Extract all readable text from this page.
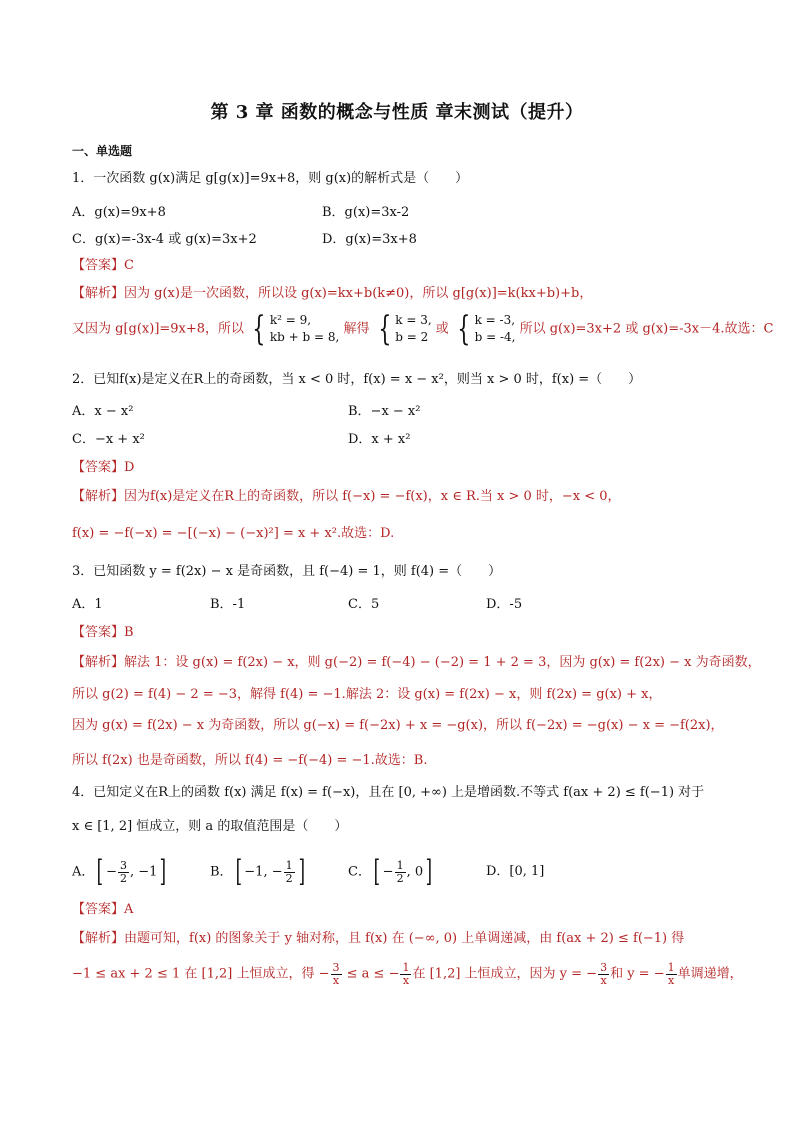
第 3 章 函数的概念与性质 章末测试（提升）
一、单选题
1．一次函数 g(x)满足 g[g(x)]=9x+8，则 g(x)的解析式是（　　）
A．g(x)=9x+8	B．g(x)=3x-2
C．g(x)=-3x-4 或 g(x)=3x+2	D．g(x)=3x+8
【答案】C
【解析】因为 g(x)是一次函数，所以设 g(x)=kx+b(k≠0)，所以 g[g(x)]=k(kx+b)+b，
又因为 g[g(x)]=9x+8，所以 { k² = 9,
kb + b = 8,
解得 { k = 3,
b = 2
或 { k = -3,
b = -4,
所以 g(x)=3x+2 或 g(x)=-3x－4.故选：C
2．已知f(x)是定义在R上的奇函数，当 x < 0 时，f(x) = x − x²，则当 x > 0 时，f(x) =（　　）
A．x − x²	B．−x − x²
C．−x + x²	D．x + x²
【答案】D
【解析】因为f(x)是定义在R上的奇函数，所以 f(−x) = −f(x)，x ∈ R.当 x > 0 时，−x < 0，
f(x) = −f(−x) = −[(−x) − (−x)²] = x + x².故选：D.
3．已知函数 y = f(2x) − x 是奇函数，且 f(−4) = 1，则 f(4) =（　　）
A．1	B．-1	C．5	D．-5
【答案】B
【解析】解法 1：设 g(x) = f(2x) − x，则 g(−2) = f(−4) − (−2) = 1 + 2 = 3，因为 g(x) = f(2x) − x 为奇函数，
所以 g(2) = f(4) − 2 = −3，解得 f(4) = −1.解法 2：设 g(x) = f(2x) − x，则 f(2x) = g(x) + x，
因为 g(x) = f(2x) − x 为奇函数，所以 g(−x) = f(−2x) + x = −g(x)，所以 f(−2x) = −g(x) − x = −f(2x)，
所以 f(2x) 也是奇函数，所以 f(4) = −f(−4) = −1.故选：B.
4．已知定义在R上的函数 f(x) 满足 f(x) = f(−x)，且在 [0, +∞) 上是增函数.不等式 f(ax + 2) ≤ f(−1) 对于
x ∈ [1, 2] 恒成立，则 a 的取值范围是（　　）
A．[ − $\frac{3}{2}$ , −1]	B．[ −1, − $\frac{1}{2}$ ]	C．[ − $\frac{1}{2}$ , 0]	D．[0, 1]
【答案】A
【解析】由题可知，f(x) 的图象关于 y 轴对称，且 f(x) 在 (−∞, 0) 上单调递减，由 f(ax + 2) ≤ f(−1) 得
−1 ≤ ax + 2 ≤ 1 在 [1,2] 上恒成立，得 − $\frac{3}{x} \le a$ ≤ − $\frac{1}{x}$ 在 [1,2] 上恒成立，因为 y = − $\frac{3}{x}$ 和 y = − $\frac{1}{x}$ 单调递增，
